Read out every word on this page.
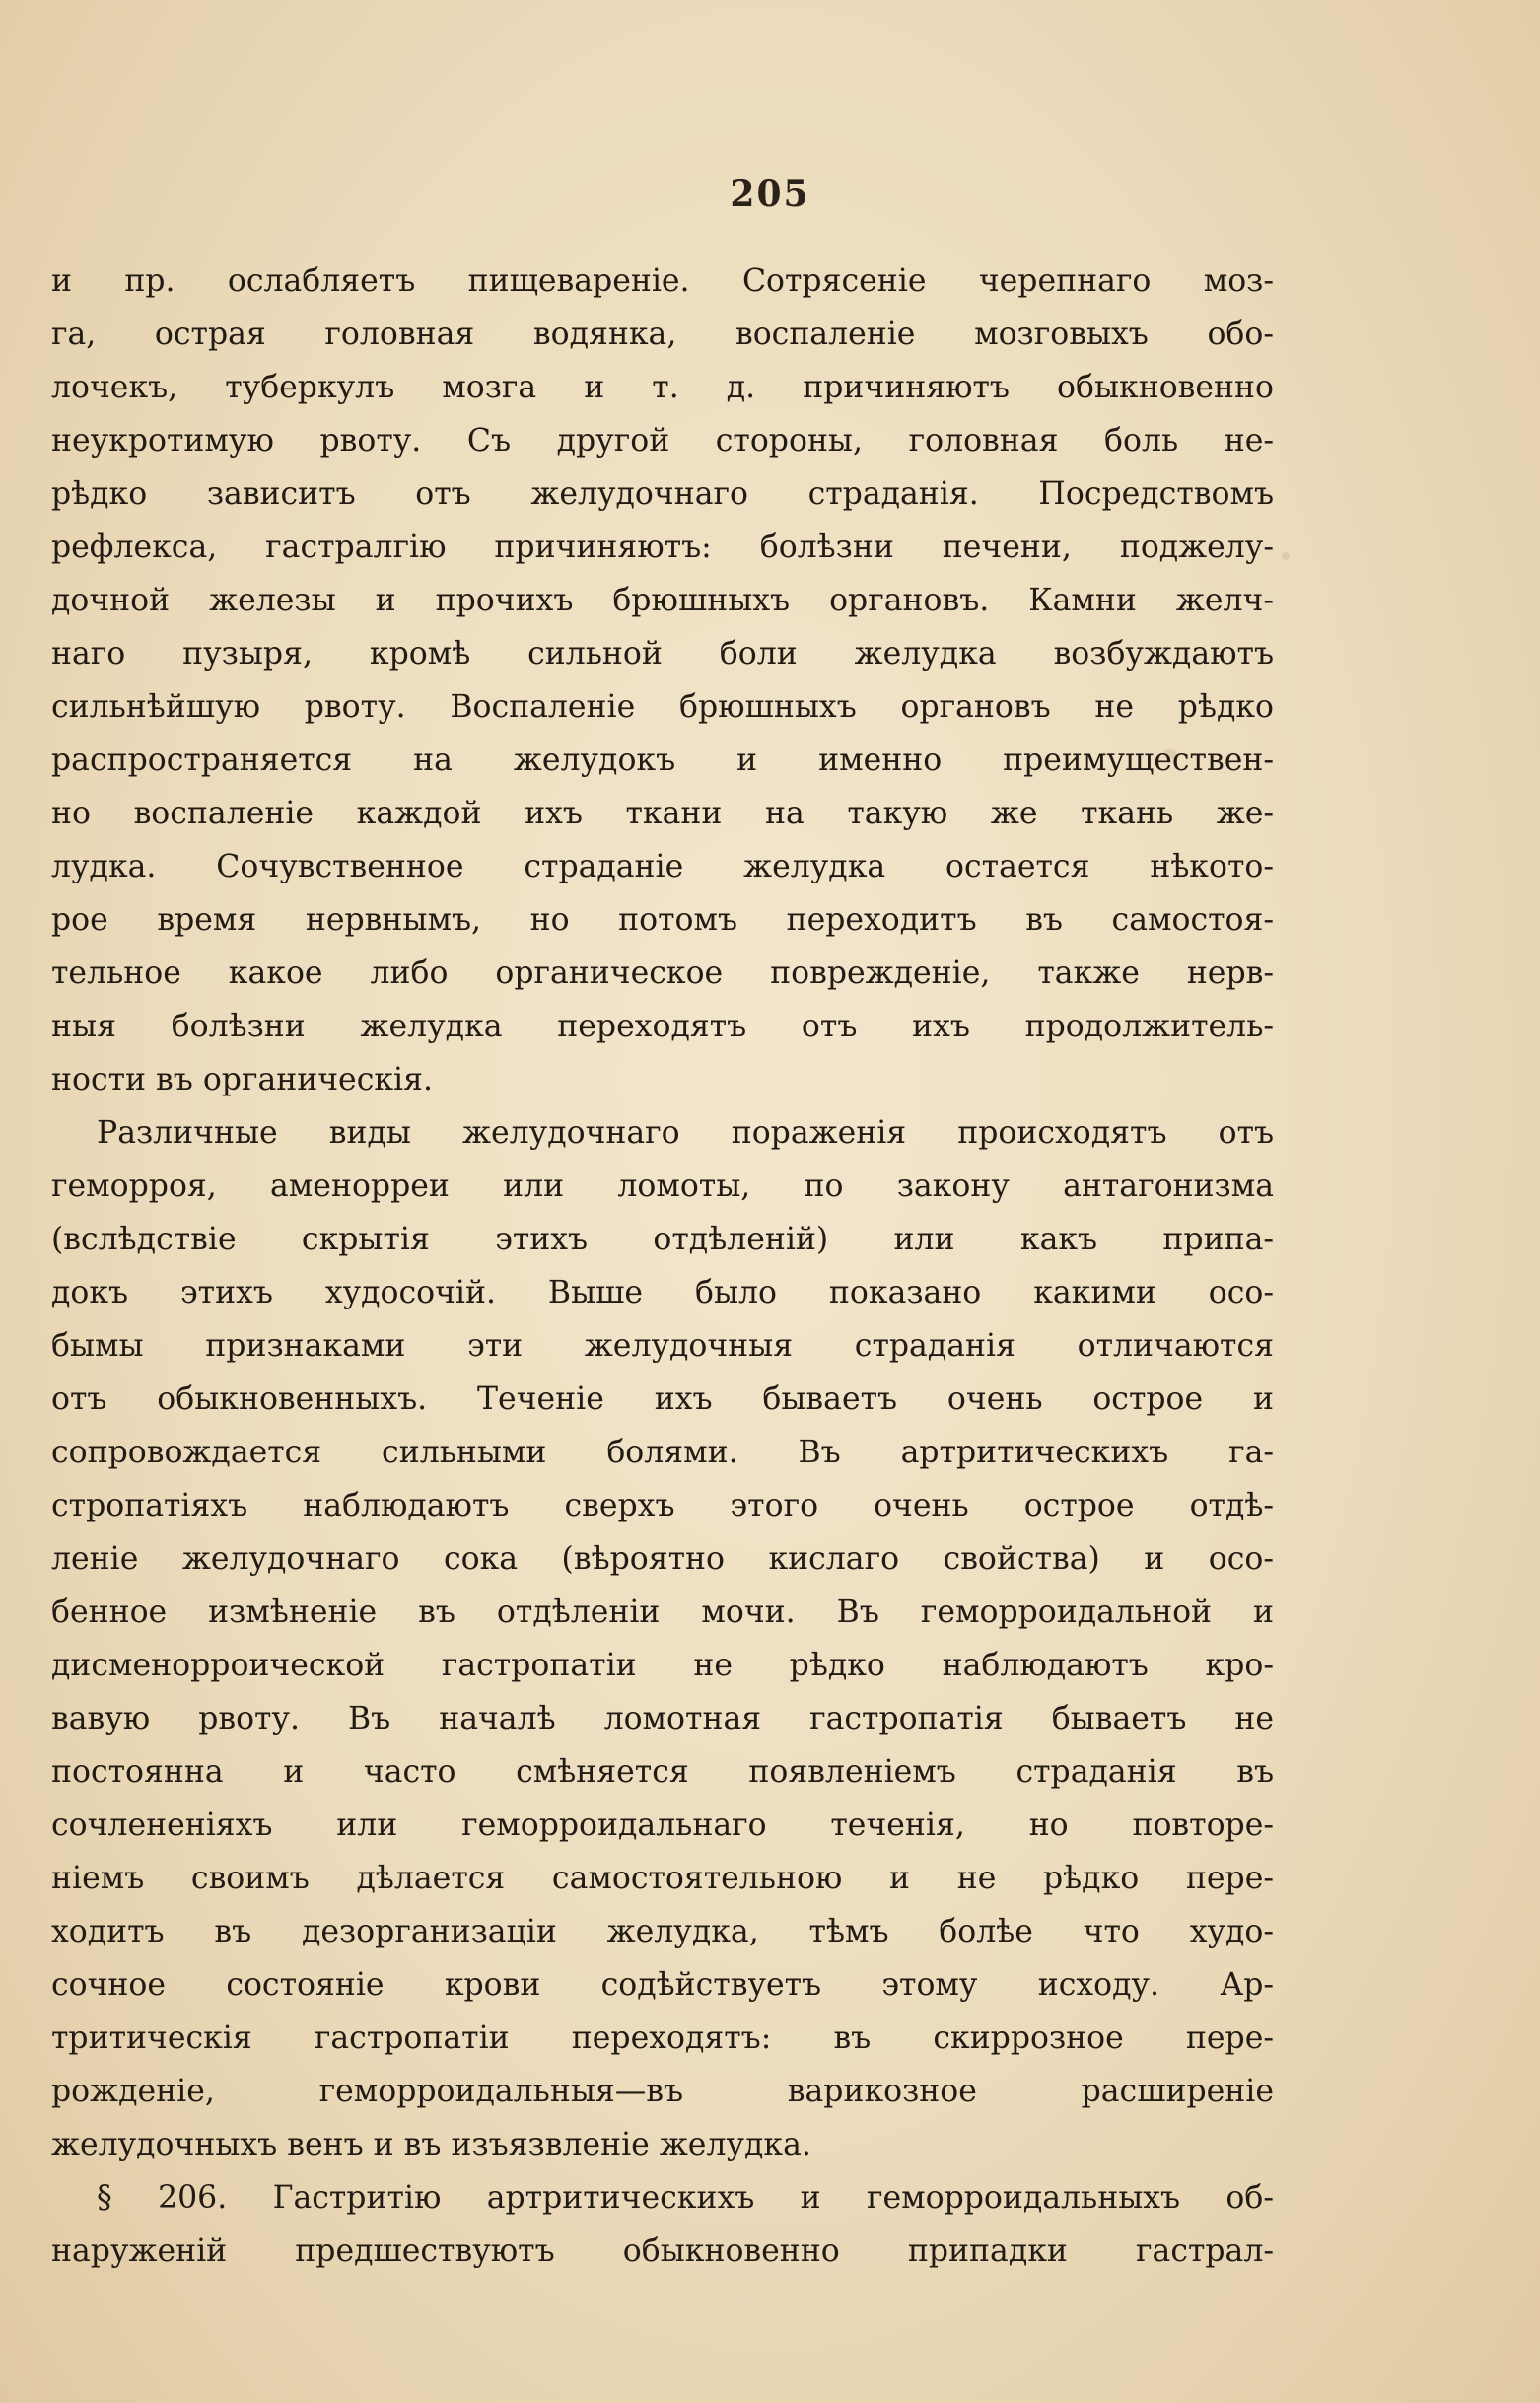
205
и пр. ослабляетъ пищевареніе. Сотрясеніе черепнаго моз-
га, острая головная водянка, воспаленіе мозговыхъ обо-
лочекъ, туберкулъ мозга и т. д. причиняютъ обыкновенно
неукротимую рвоту. Съ другой стороны, головная боль не-
рѣдко зависитъ отъ желудочнаго страданія. Посредствомъ
рефлекса, гастралгію причиняютъ: болѣзни печени, поджелу-
дочной железы и прочихъ брюшныхъ органовъ. Камни желч-
наго пузыря, кромѣ сильной боли желудка возбуждаютъ
сильнѣйшую рвоту. Воспаленіе брюшныхъ органовъ не рѣдко
распространяется на желудокъ и именно преимуществен-
но воспаленіе каждой ихъ ткани на такую же ткань же-
лудка. Сочувственное страданіе желудка остается нѣкото-
рое время нервнымъ, но потомъ переходитъ въ самостоя-
тельное какое либо органическое поврежденіе, также нерв-
ныя болѣзни желудка переходятъ отъ ихъ продолжитель-
ности въ органическія.
Различные виды желудочнаго пораженія происходятъ отъ
геморроя, аменорреи или ломоты, по закону антагонизма
(вслѣдствіе скрытія этихъ отдѣленій) или какъ припа-
докъ этихъ худосочій. Выше было показано какими осо-
бымы признаками эти желудочныя страданія отличаются
отъ обыкновенныхъ. Теченіе ихъ бываетъ очень острое и
сопровождается сильными болями. Въ артритическихъ га-
стропатіяхъ наблюдаютъ сверхъ этого очень острое отдѣ-
леніе желудочнаго сока (вѣроятно кислаго свойства) и осо-
бенное измѣненіе въ отдѣленіи мочи. Въ геморроидальной и
дисменорроической гастропатіи не рѣдко наблюдаютъ кро-
вавую рвоту. Въ началѣ ломотная гастропатія бываетъ не
постоянна и часто смѣняется появленіемъ страданія въ
сочлененіяхъ или геморроидальнаго теченія, но повторе-
ніемъ своимъ дѣлается самостоятельною и не рѣдко пере-
ходитъ въ дезорганизаціи желудка, тѣмъ болѣе что худо-
сочное состояніе крови содѣйствуетъ этому исходу. Ар-
тритическія гастропатіи переходятъ: въ скиррозное пере-
рожденіе, геморроидальныя—въ варикозное расширеніе
желудочныхъ венъ и въ изъязвленіе желудка.
§ 206. Гастритію артритическихъ и геморроидальныхъ об-
наруженій предшествуютъ обыкновенно припадки гастрал-
